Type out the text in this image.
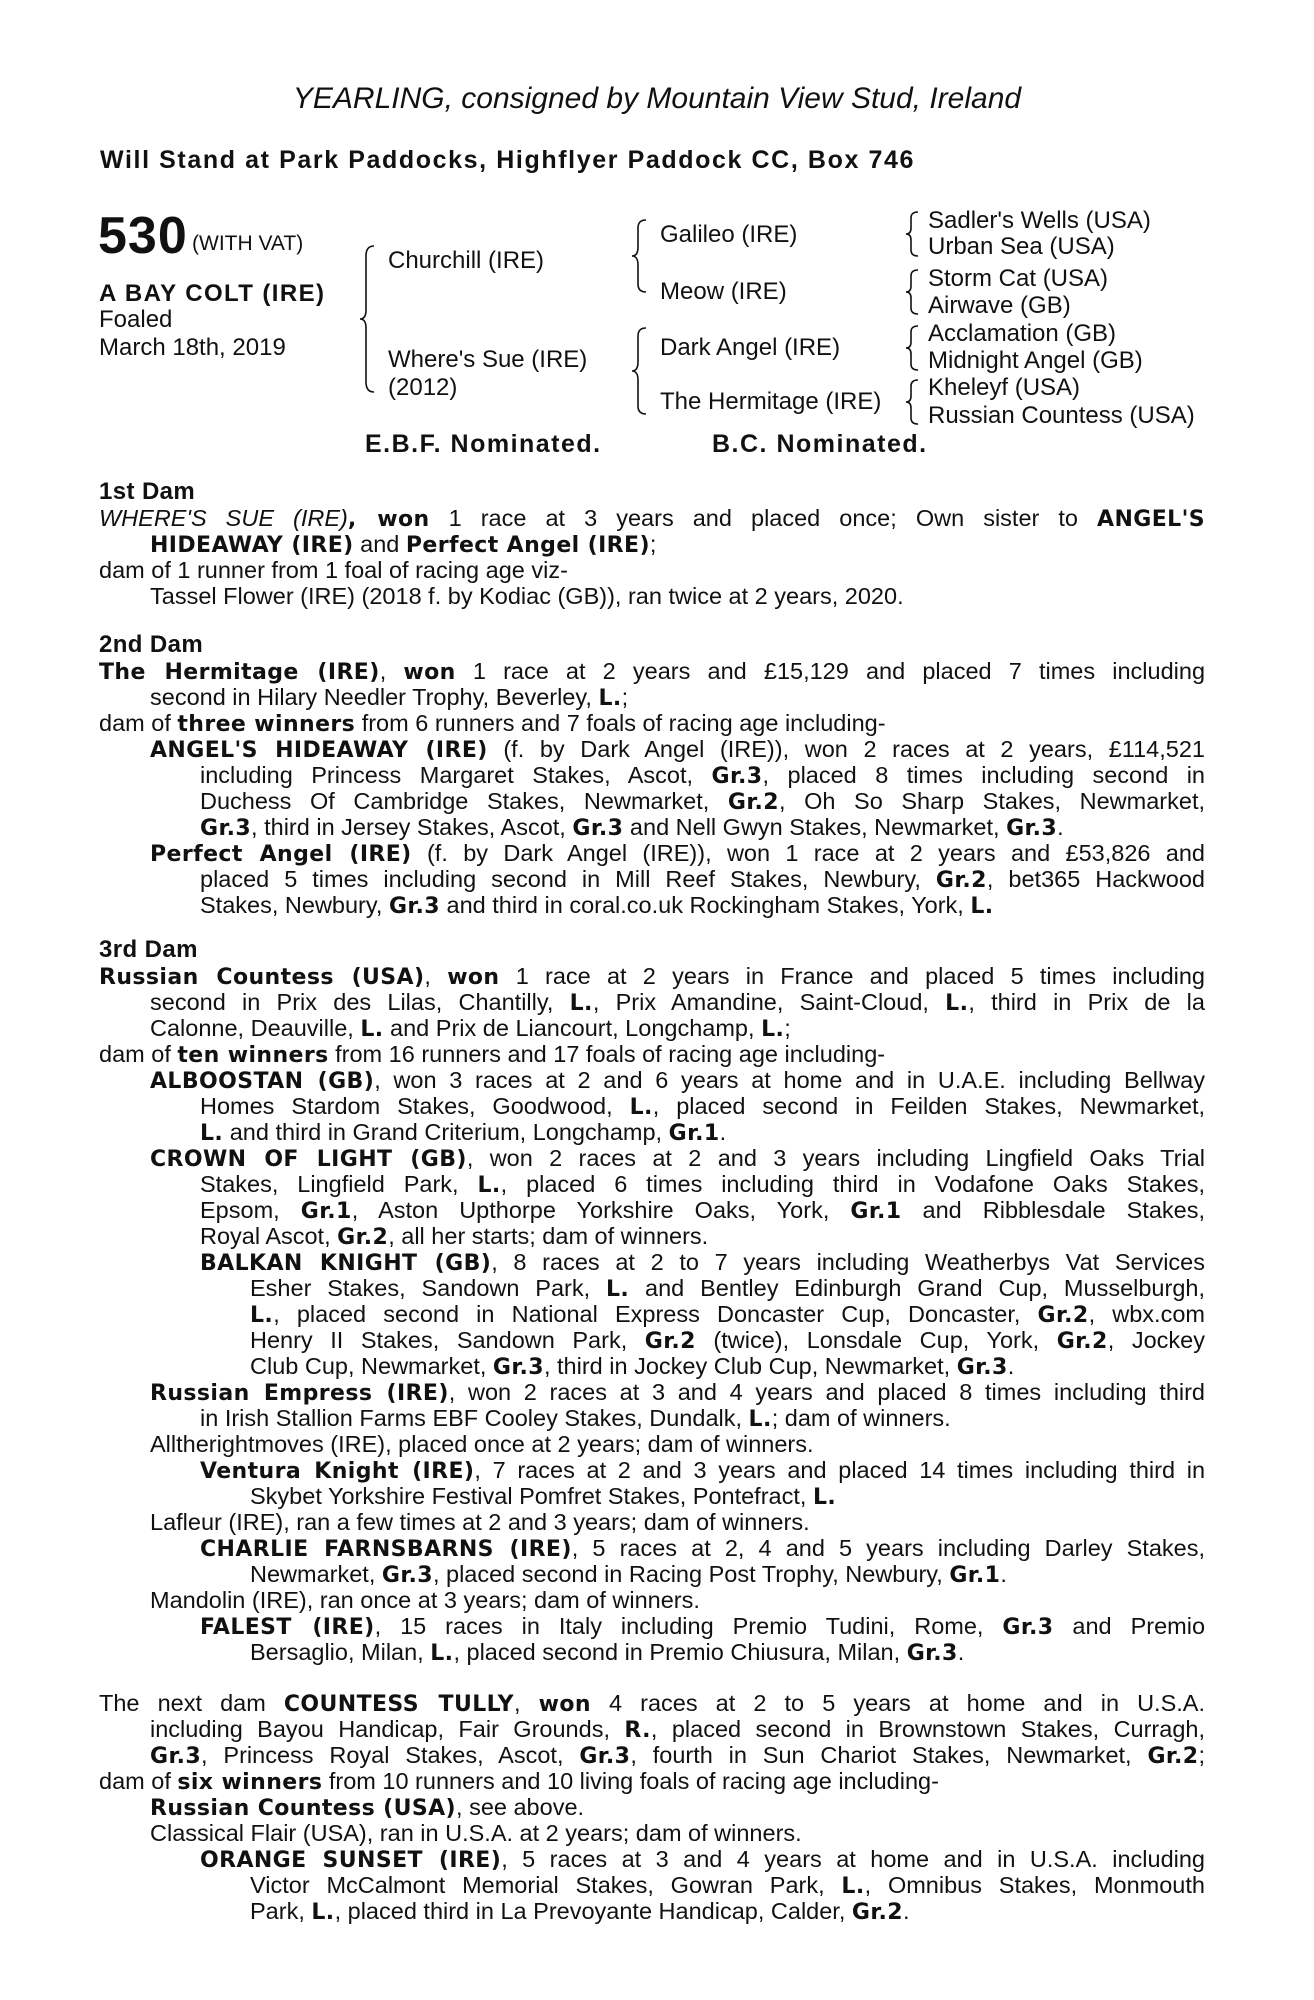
YEARLING, consigned by Mountain View Stud, Ireland
Will Stand at Park Paddocks, Highflyer Paddock CC, Box 746
530 (WITH VAT)
A BAY COLT (IRE)
Foaled
March 18th, 2019
Churchill (IRE)
Where's Sue (IRE)
(2012)
Galileo (IRE)
Meow (IRE)
Dark Angel (IRE)
The Hermitage (IRE)
Sadler's Wells (USA)
Urban Sea (USA)
Storm Cat (USA)
Airwave (GB)
Acclamation (GB)
Midnight Angel (GB)
Kheleyf (USA)
Russian Countess (USA)
E.B.F. Nominated.	B.C. Nominated.
1st Dam
2nd Dam
3rd Dam
WHERE'S SUE (IRE), won 1 race at 3 years and placed once; Own sister to ANGEL'S
HIDEAWAY (IRE) and Perfect Angel (IRE);
dam of 1 runner from 1 foal of racing age viz-
Tassel Flower (IRE) (2018 f. by Kodiac (GB)), ran twice at 2 years, 2020.
The Hermitage (IRE), won 1 race at 2 years and £15,129 and placed 7 times including
second in Hilary Needler Trophy, Beverley, L.;
dam of three winners from 6 runners and 7 foals of racing age including-
ANGEL'S HIDEAWAY (IRE) (f. by Dark Angel (IRE)), won 2 races at 2 years, £114,521
including Princess Margaret Stakes, Ascot, Gr.3, placed 8 times including second in
Duchess Of Cambridge Stakes, Newmarket, Gr.2, Oh So Sharp Stakes, Newmarket,
Gr.3, third in Jersey Stakes, Ascot, Gr.3 and Nell Gwyn Stakes, Newmarket, Gr.3.
Perfect Angel (IRE) (f. by Dark Angel (IRE)), won 1 race at 2 years and £53,826 and
placed 5 times including second in Mill Reef Stakes, Newbury, Gr.2, bet365 Hackwood
Stakes, Newbury, Gr.3 and third in coral.co.uk Rockingham Stakes, York, L.
Russian Countess (USA), won 1 race at 2 years in France and placed 5 times including
second in Prix des Lilas, Chantilly, L., Prix Amandine, Saint-Cloud, L., third in Prix de la
Calonne, Deauville, L. and Prix de Liancourt, Longchamp, L.;
dam of ten winners from 16 runners and 17 foals of racing age including-
ALBOOSTAN (GB), won 3 races at 2 and 6 years at home and in U.A.E. including Bellway
Homes Stardom Stakes, Goodwood, L., placed second in Feilden Stakes, Newmarket,
L. and third in Grand Criterium, Longchamp, Gr.1.
CROWN OF LIGHT (GB), won 2 races at 2 and 3 years including Lingfield Oaks Trial
Stakes, Lingfield Park, L., placed 6 times including third in Vodafone Oaks Stakes,
Epsom, Gr.1, Aston Upthorpe Yorkshire Oaks, York, Gr.1 and Ribblesdale Stakes,
Royal Ascot, Gr.2, all her starts; dam of winners.
BALKAN KNIGHT (GB), 8 races at 2 to 7 years including Weatherbys Vat Services
Esher Stakes, Sandown Park, L. and Bentley Edinburgh Grand Cup, Musselburgh,
L., placed second in National Express Doncaster Cup, Doncaster, Gr.2, wbx.com
Henry II Stakes, Sandown Park, Gr.2 (twice), Lonsdale Cup, York, Gr.2, Jockey
Club Cup, Newmarket, Gr.3, third in Jockey Club Cup, Newmarket, Gr.3.
Russian Empress (IRE), won 2 races at 3 and 4 years and placed 8 times including third
in Irish Stallion Farms EBF Cooley Stakes, Dundalk, L.; dam of winners.
Alltherightmoves (IRE), placed once at 2 years; dam of winners.
Ventura Knight (IRE), 7 races at 2 and 3 years and placed 14 times including third in
Skybet Yorkshire Festival Pomfret Stakes, Pontefract, L.
Lafleur (IRE), ran a few times at 2 and 3 years; dam of winners.
CHARLIE FARNSBARNS (IRE), 5 races at 2, 4 and 5 years including Darley Stakes,
Newmarket, Gr.3, placed second in Racing Post Trophy, Newbury, Gr.1.
Mandolin (IRE), ran once at 3 years; dam of winners.
FALEST (IRE), 15 races in Italy including Premio Tudini, Rome, Gr.3 and Premio
Bersaglio, Milan, L., placed second in Premio Chiusura, Milan, Gr.3.
The next dam COUNTESS TULLY, won 4 races at 2 to 5 years at home and in U.S.A.
including Bayou Handicap, Fair Grounds, R., placed second in Brownstown Stakes, Curragh,
Gr.3, Princess Royal Stakes, Ascot, Gr.3, fourth in Sun Chariot Stakes, Newmarket, Gr.2;
dam of six winners from 10 runners and 10 living foals of racing age including-
Russian Countess (USA), see above.
Classical Flair (USA), ran in U.S.A. at 2 years; dam of winners.
ORANGE SUNSET (IRE), 5 races at 3 and 4 years at home and in U.S.A. including
Victor McCalmont Memorial Stakes, Gowran Park, L., Omnibus Stakes, Monmouth
Park, L., placed third in La Prevoyante Handicap, Calder, Gr.2.
